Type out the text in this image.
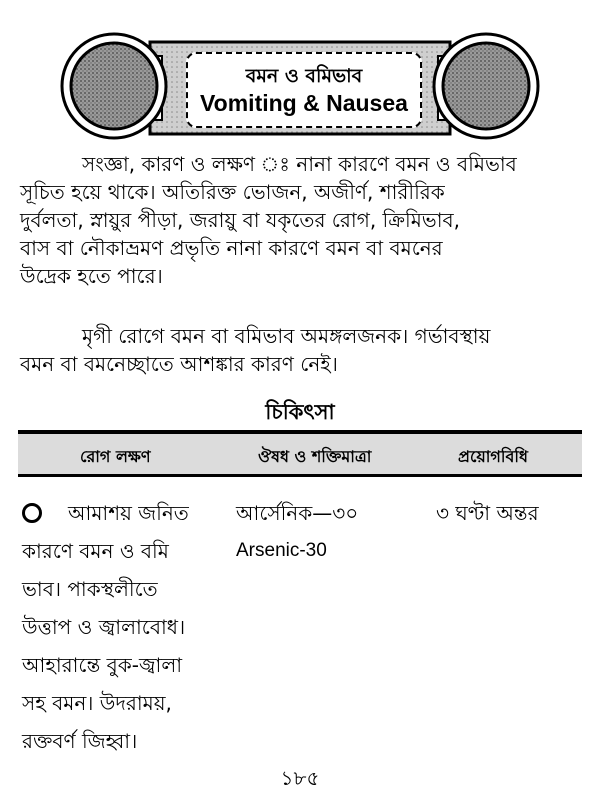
বমন ও বমিভাব
Vomiting & Nausea

সংজ্ঞা, কারণ ও লক্ষণ ঃ নানা কারণে বমন ও বমিভাব

সূচিত হয়ে থাকে। অতিরিক্ত ভোজন, অজীর্ণ, শারীরিক

দুর্বলতা, স্নায়ুর পীড়া, জরায়ু বা যকৃতের রোগ, ক্রিমিভাব,

বাস বা নৌকাভ্রমণ প্রভৃতি নানা কারণে বমন বা বমনের

উদ্রেক হতে পারে।

মৃগী রোগে বমন বা বমিভাব অমঙ্গলজনক। গর্ভাবস্থায়

বমন বা বমনেচ্ছাতে আশঙ্কার কারণ নেই।

চিকিৎসা
রোগ লক্ষণ	ঔষধ ও শক্তিমাত্রা	প্রয়োগবিধি

আমাশয় জনিত

কারণে বমন ও বমি

ভাব। পাকস্থলীতে

উত্তাপ ও জ্বালাবোধ।

আহারান্তে বুক-জ্বালা

সহ বমন। উদরাময়,

রক্তবর্ণ জিহ্বা।

আর্সেনিক—৩০

Arsenic-30

৩ ঘণ্টা অন্তর
১৮৫
